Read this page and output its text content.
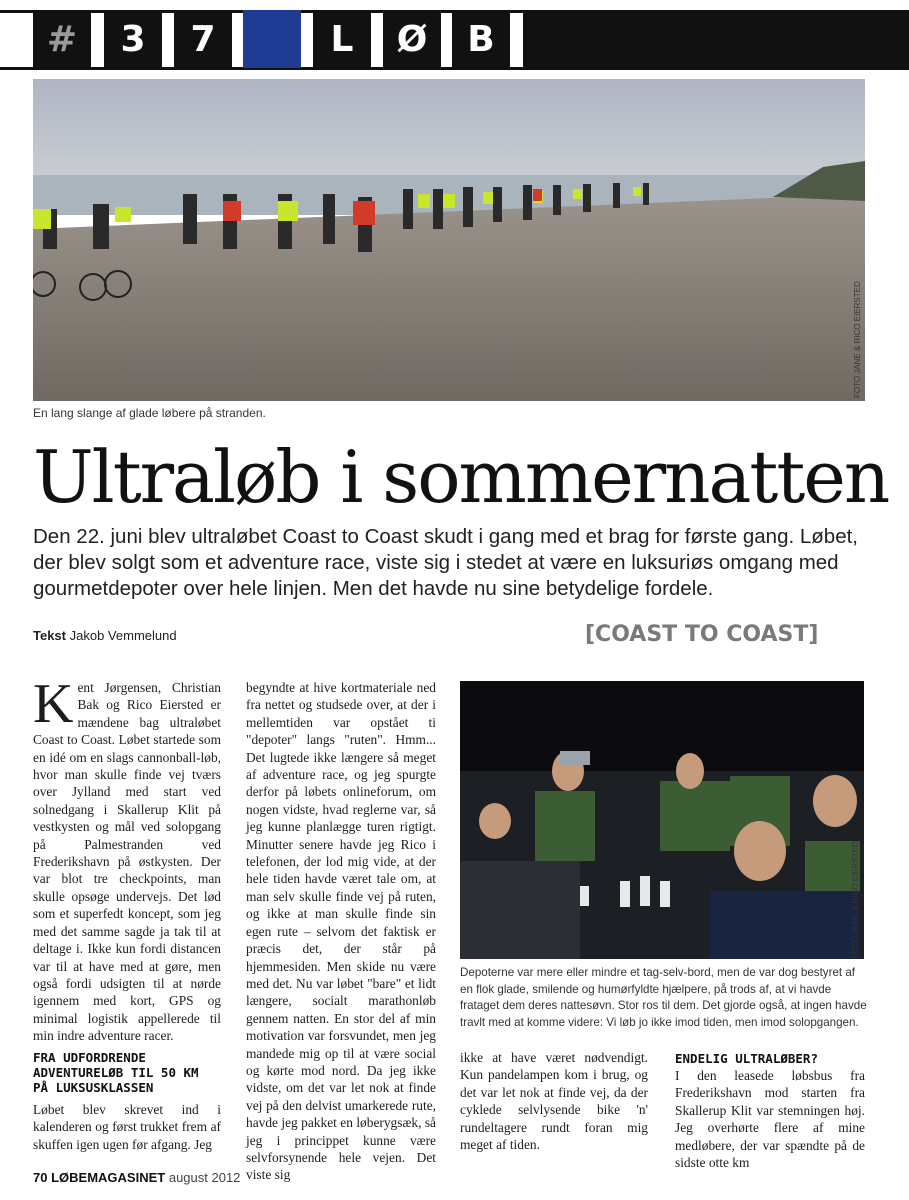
#	3	7	L	Ø	B
FOTO JANE & RICO EIERSTED
En lang slange af glade løbere på stranden.
Ultraløb i sommernatten
Den 22. juni blev ultraløbet Coast to Coast skudt i gang med et brag for første gang. Løbet, der blev solgt som et adventure race, viste sig i stedet at være en luksuriøs omgang med gourmetdepoter over hele linjen. Men det havde nu sine betydelige fordele.
Tekst Jakob Vemmelund	[COAST TO COAST]
Kent Jørgensen, Christian Bak og Rico Eiersted er mændene bag ultraløbet Coast to Coast. Løbet startede som en idé om en slags cannonball-løb, hvor man skulle finde vej tværs over Jylland med start ved solnedgang i Skallerup Klit på vestkysten og mål ved solopgang på Palmestranden ved Frederikshavn på østkysten. Der var blot tre checkpoints, man skulle opsøge undervejs. Det lød som et superfedt koncept, som jeg med det samme sagde ja tak til at deltage i. Ikke kun fordi distancen var til at have med at gøre, men også fordi udsigten til at nørde igennem med kort, GPS og minimal logistik appellerede til min indre adventure racer.
FRA UDFORDRENDE ADVENTURELØB TIL 50 KM PÅ LUKSUSKLASSEN
Løbet blev skrevet ind i kalenderen og først trukket frem af skuffen igen ugen før afgang. Jeg
begyndte at hive kortmateriale ned fra nettet og studsede over, at der i mellemtiden var opstået ti "depoter" langs "ruten". Hmm... Det lugtede ikke længere så meget af adventure race, og jeg spurgte derfor på løbets onlineforum, om nogen vidste, hvad reglerne var, så jeg kunne planlægge turen rigtigt. Minutter senere havde jeg Rico i telefonen, der lod mig vide, at der hele tiden havde været tale om, at man selv skulle finde vej på ruten, og ikke at man skulle finde sin egen rute – selvom det faktisk er præcis det, der står på hjemmesiden. Men skide nu være med det. Nu var løbet "bare" et lidt længere, socialt marathonløb gennem natten. En stor del af min motivation var forsvundet, men jeg mandede mig op til at være social og kørte mod nord. Da jeg ikke vidste, om det var let nok at finde vej på den delvist umarkerede rute, havde jeg pakket en løberygsæk, så jeg i princippet kunne være selvforsynende hele vejen. Det viste sig
FOTO JANE & RICO EIERSTED
Depoterne var mere eller mindre et tag-selv-bord, men de var dog bestyret af en flok glade, smilende og humørfyldte hjælpere, på trods af, at vi havde frataget dem deres nattesøvn. Stor ros til dem. Det gjorde også, at ingen havde travlt med at komme videre: Vi løb jo ikke imod tiden, men imod solopgangen.
ikke at have været nødvendigt. Kun pandelampen kom i brug, og det var let nok at finde vej, da der cyklede selvlysende bike 'n' rundeltagere rundt foran mig meget af tiden.
ENDELIG ULTRALØBER?
I den leasede løbsbus fra Frederikshavn mod starten fra Skallerup Klit var stemningen høj. Jeg overhørte flere af mine medløbere, der var spændte på de sidste otte km
70 LØBEMAGASINET august 2012
